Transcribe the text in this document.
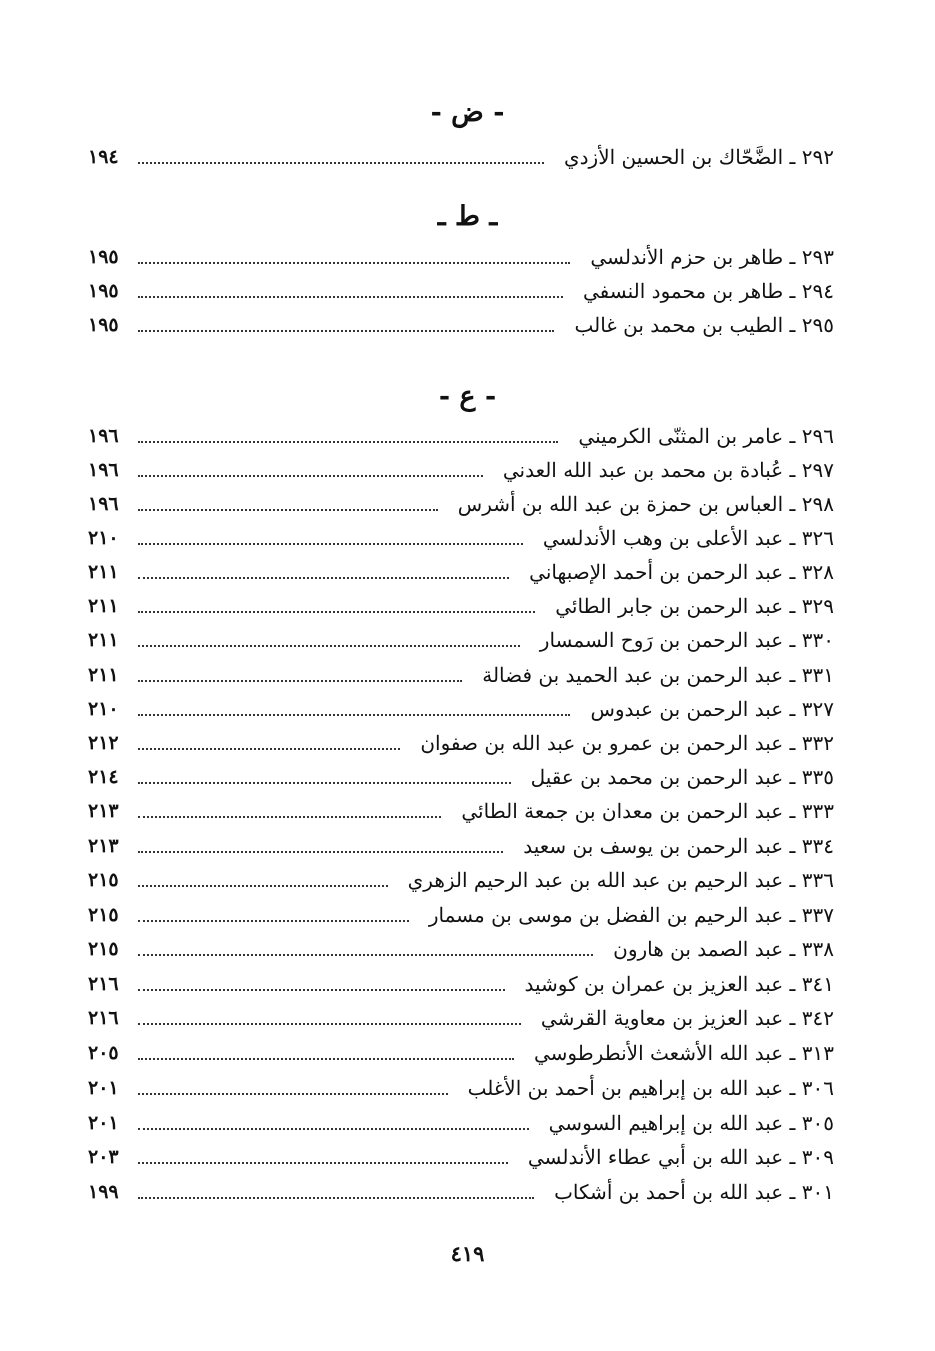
- ض -
٢٩٢ ـ الضَّحّاك بن الحسين الأزدي
١٩٤
ـ ط ـ
٢٩٣ ـ طاهر بن حزم الأندلسي
١٩٥
٢٩٤ ـ طاهر بن محمود النسفي
١٩٥
٢٩٥ ـ الطيب بن محمد بن غالب
١٩٥
- ع -
٢٩٦ ـ عامر بن المثنّى الكرميني
١٩٦
٢٩٧ ـ عُبادة بن محمد بن عبد الله العدني
١٩٦
٢٩٨ ـ العباس بن حمزة بن عبد الله بن أشرس
١٩٦
٣٢٦ ـ عبد الأعلى بن وهب الأندلسي
٢١٠
٣٢٨ ـ عبد الرحمن بن أحمد الإصبهاني
٢١١
٣٢٩ ـ عبد الرحمن بن جابر الطائي
٢١١
٣٣٠ ـ عبد الرحمن بن رَوح السمسار
٢١١
٣٣١ ـ عبد الرحمن بن عبد الحميد بن فضالة
٢١١
٣٢٧ ـ عبد الرحمن بن عبدوس
٢١٠
٣٣٢ ـ عبد الرحمن بن عمرو بن عبد الله بن صفوان
٢١٢
٣٣٥ ـ عبد الرحمن بن محمد بن عقيل
٢١٤
٣٣٣ ـ عبد الرحمن بن معدان بن جمعة الطائي
٢١٣
٣٣٤ ـ عبد الرحمن بن يوسف بن سعيد
٢١٣
٣٣٦ ـ عبد الرحيم بن عبد الله بن عبد الرحيم الزهري
٢١٥
٣٣٧ ـ عبد الرحيم بن الفضل بن موسى بن مسمار
٢١٥
٣٣٨ ـ عبد الصمد بن هارون
٢١٥
٣٤١ ـ عبد العزيز بن عمران بن كوشيد
٢١٦
٣٤٢ ـ عبد العزيز بن معاوية القرشي
٢١٦
٣١٣ ـ عبد الله الأشعث الأنطرطوسي
٢٠٥
٣٠٦ ـ عبد الله بن إبراهيم بن أحمد بن الأغلب
٢٠١
٣٠٥ ـ عبد الله بن إبراهيم السوسي
٢٠١
٣٠٩ ـ عبد الله بن أبي عطاء الأندلسي
٢٠٣
٣٠١ ـ عبد الله بن أحمد بن أشكاب
١٩٩
٤١٩
